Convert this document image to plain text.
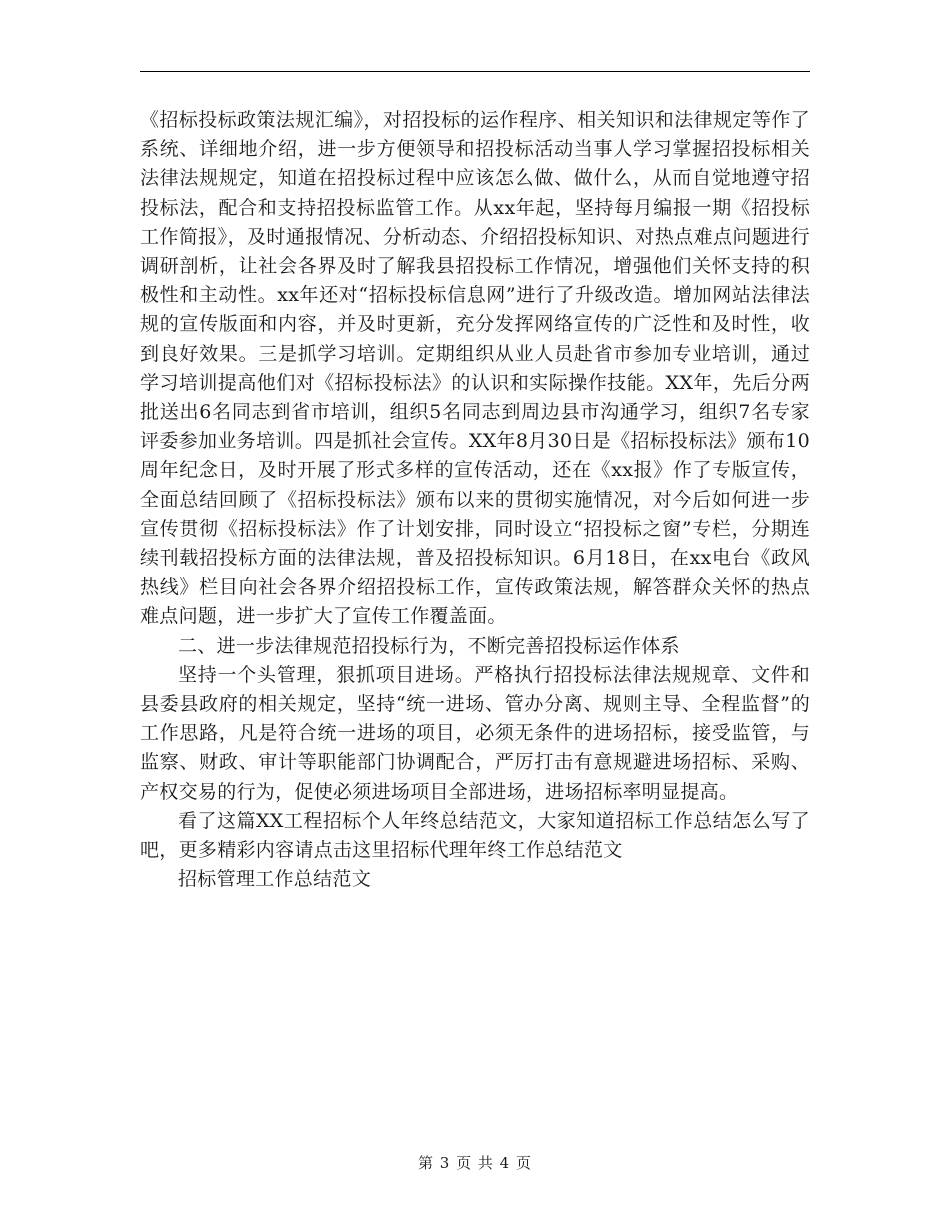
《招标投标政策法规汇编》，对招投标的运作程序、相关知识和法律规定等作了系统、详细地介绍，进一步方便领导和招投标活动当事人学习掌握招投标相关法律法规规定，知道在招投标过程中应该怎么做、做什么，从而自觉地遵守招投标法，配合和支持招投标监管工作。从xx年起，坚持每月编报一期《招投标工作简报》，及时通报情况、分析动态、介绍招投标知识、对热点难点问题进行调研剖析，让社会各界及时了解我县招投标工作情况，增强他们关怀支持的积极性和主动性。xx年还对“招标投标信息网”进行了升级改造。增加网站法律法规的宣传版面和内容，并及时更新，充分发挥网络宣传的广泛性和及时性，收到良好效果。三是抓学习培训。定期组织从业人员赴省市参加专业培训，通过学习培训提高他们对《招标投标法》的认识和实际操作技能。XX年，先后分两批送出6名同志到省市培训，组织5名同志到周边县市沟通学习，组织7名专家评委参加业务培训。四是抓社会宣传。XX年8月30日是《招标投标法》颁布10周年纪念日，及时开展了形式多样的宣传活动，还在《xx报》作了专版宣传，全面总结回顾了《招标投标法》颁布以来的贯彻实施情况，对今后如何进一步宣传贯彻《招标投标法》作了计划安排，同时设立“招投标之窗”专栏，分期连续刊载招投标方面的法律法规，普及招投标知识。6月18日，在xx电台《政风热线》栏目向社会各界介绍招投标工作，宣传政策法规，解答群众关怀的热点难点问题，进一步扩大了宣传工作覆盖面。

二、进一步法律规范招投标行为，不断完善招投标运作体系

坚持一个头管理，狠抓项目进场。严格执行招投标法律法规规章、文件和县委县政府的相关规定，坚持“统一进场、管办分离、规则主导、全程监督”的工作思路，凡是符合统一进场的项目，必须无条件的进场招标，接受监管，与监察、财政、审计等职能部门协调配合，严厉打击有意规避进场招标、采购、产权交易的行为，促使必须进场项目全部进场，进场招标率明显提高。

看了这篇XX工程招标个人年终总结范文，大家知道招标工作总结怎么写了吧，更多精彩内容请点击这里招标代理年终工作总结范文

招标管理工作总结范文

第 3 页 共 4 页
